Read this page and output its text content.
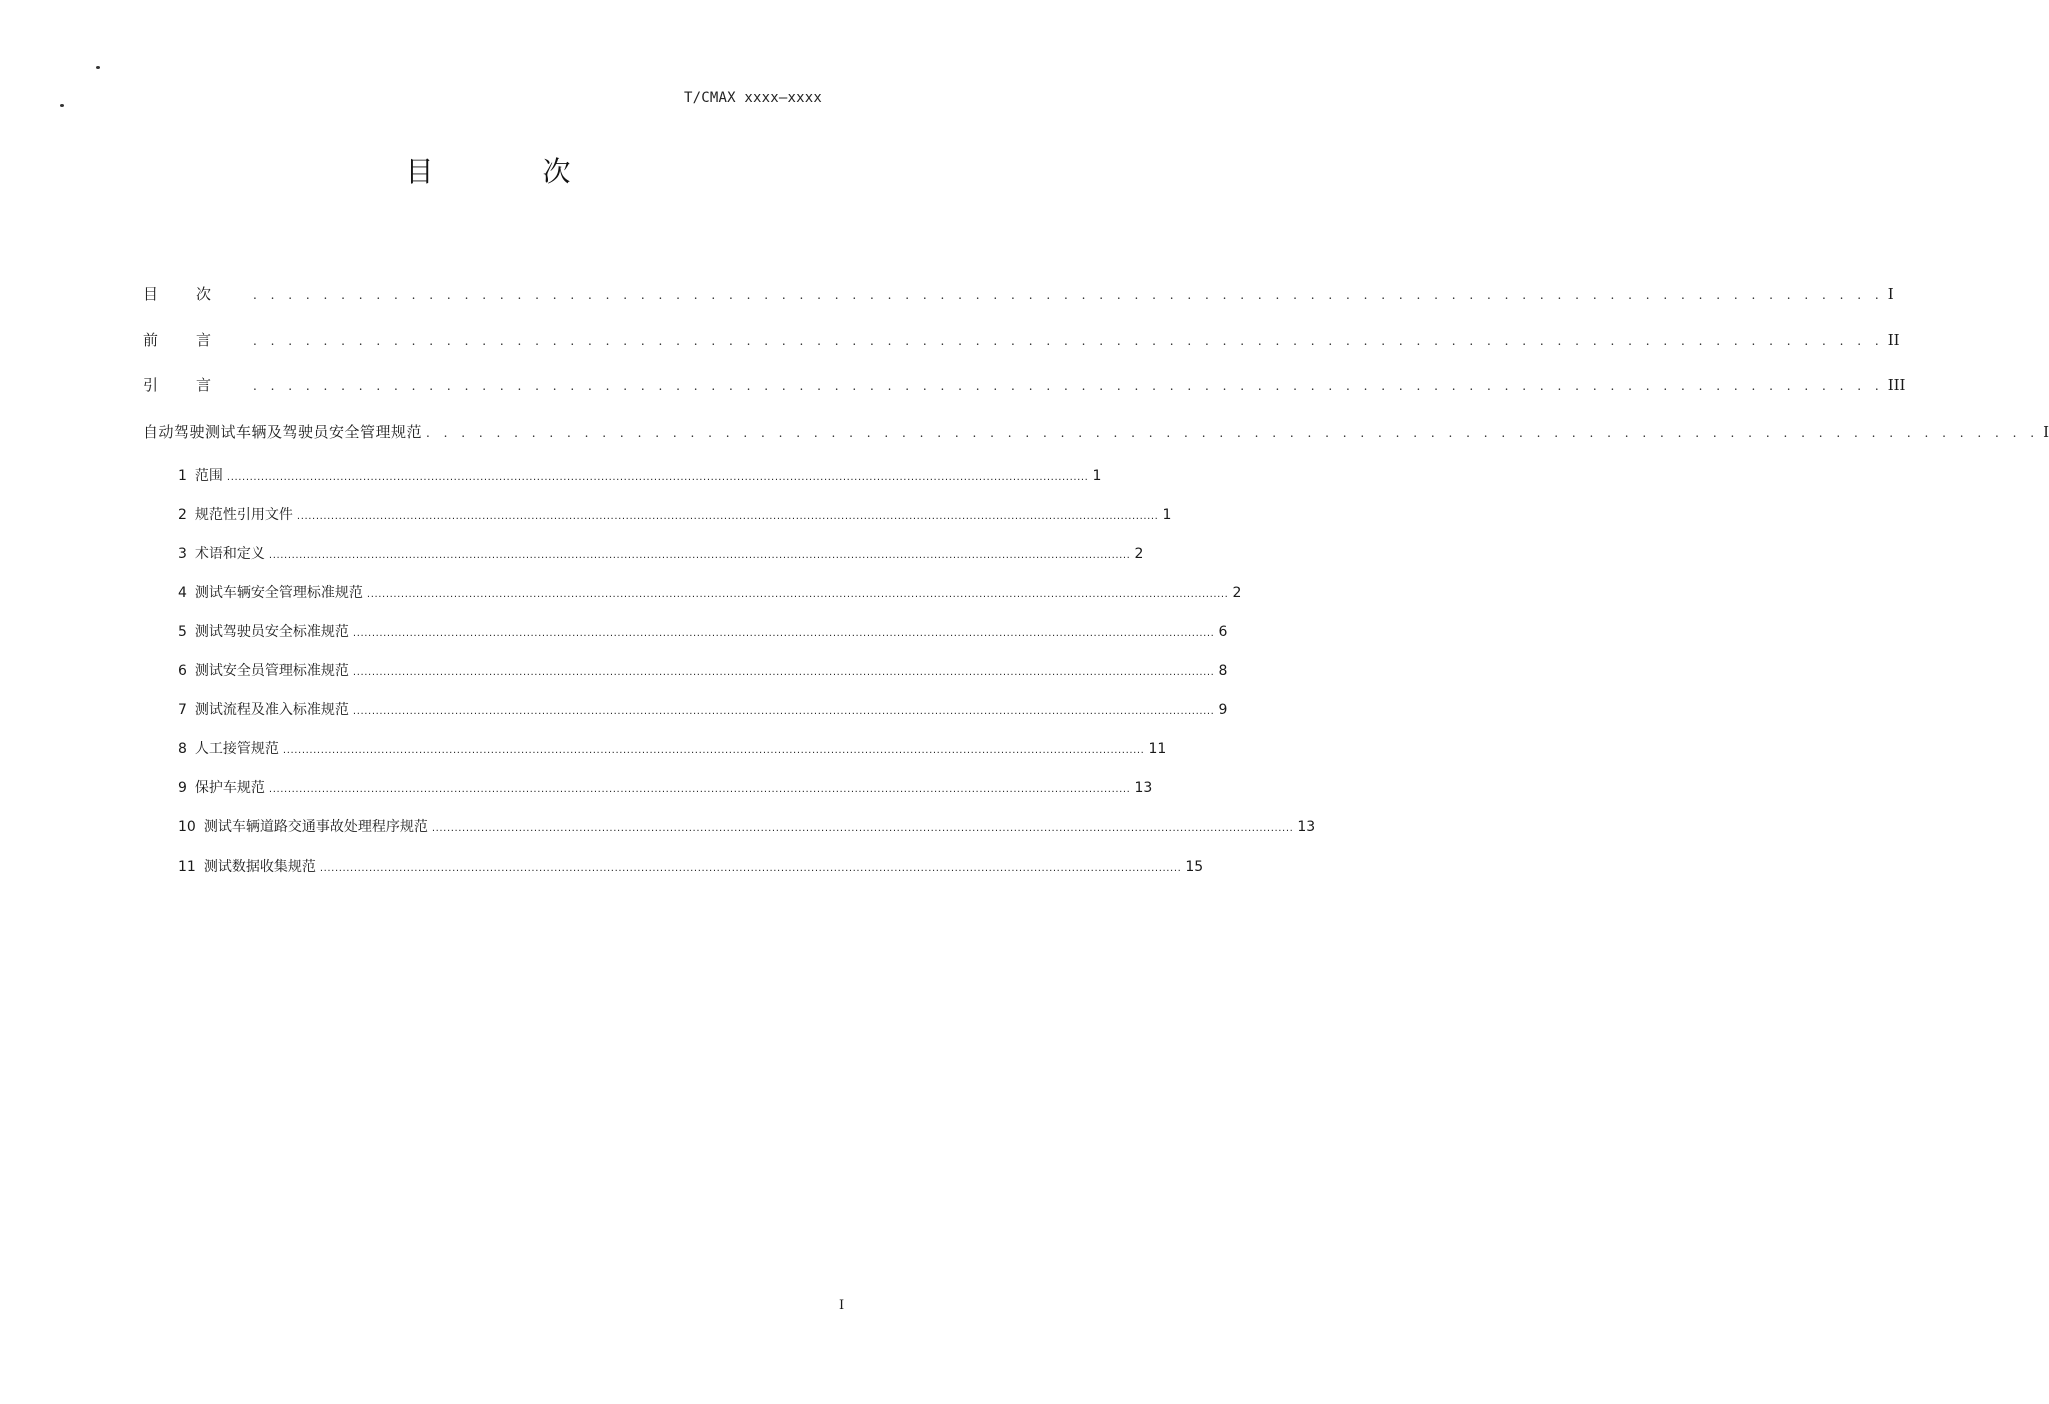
T/CMAX xxxx—xxxx
目 次
目次 . . . . . . . . . . . . . . . . . . . . . . . . . . . . . . . . . . . . . . . . . . . . . . . . . . . . . . . . . . . . . . . . . . . . . . . . . . . . . . . . . . . . . . . . . . . . . I
前言 . . . . . . . . . . . . . . . . . . . . . . . . . . . . . . . . . . . . . . . . . . . . . . . . . . . . . . . . . . . . . . . . . . . . . . . . . . . . . . . . . . . . . . . . . . . . . II
引言 . . . . . . . . . . . . . . . . . . . . . . . . . . . . . . . . . . . . . . . . . . . . . . . . . . . . . . . . . . . . . . . . . . . . . . . . . . . . . . . . . . . . . . . . . . . . . III
自动驾驶测试车辆及驾驶员安全管理规范 . . . . . . . . . . . . . . . . . . . . . . . . . . . . . . . . . . . . . . . . . . . . . . . . . . . . . . . . . . . . . . . . . . . . . . . . . . . . . . . . . . . . . . . . . . . . I
1 范围 .................................................................................................................................................................................................................................... 1
2 规范性引用文件 .................................................................................................................................................................................................................................... 1
3 术语和定义 .................................................................................................................................................................................................................................... 2
4 测试车辆安全管理标准规范 .................................................................................................................................................................................................................................... 2
5 测试驾驶员安全标准规范 .................................................................................................................................................................................................................................... 6
6 测试安全员管理标准规范 .................................................................................................................................................................................................................................... 8
7 测试流程及准入标准规范 .................................................................................................................................................................................................................................... 9
8 人工接管规范 .................................................................................................................................................................................................................................... 11
9 保护车规范 .................................................................................................................................................................................................................................... 13
10 测试车辆道路交通事故处理程序规范 .................................................................................................................................................................................................................................... 13
11 测试数据收集规范 .................................................................................................................................................................................................................................... 15
I
